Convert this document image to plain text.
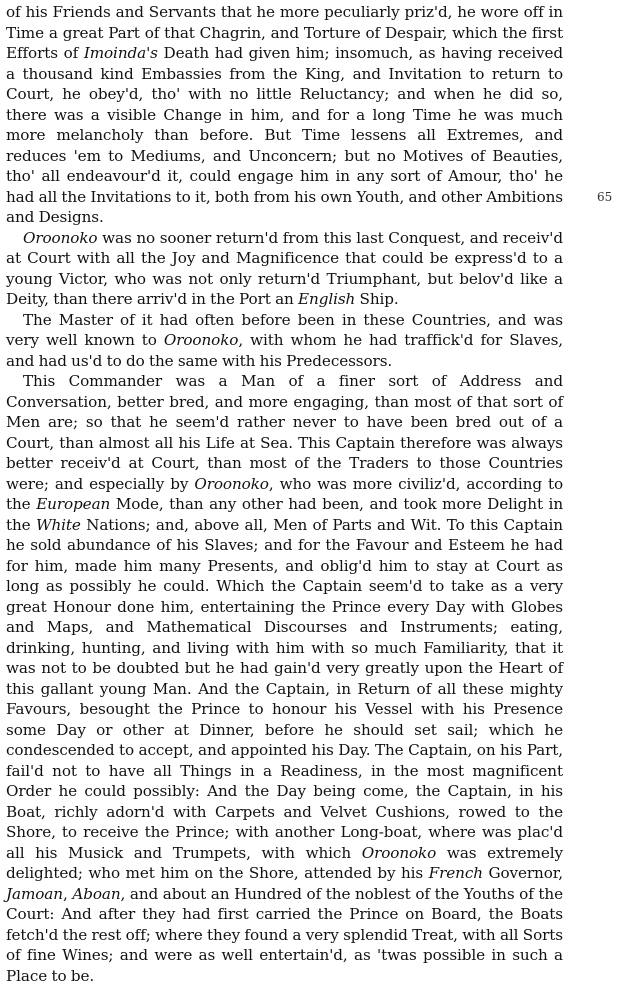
of his Friends and Servants that he more peculiarly priz'd, he wore off in Time a great Part of that Chagrin, and Torture of Despair, which the first Efforts of Imoinda's Death had given him; insomuch, as having received a thousand kind Embassies from the King, and Invitation to return to Court, he obey'd, tho' with no little Reluctancy; and when he did so, there was a visible Change in him, and for a long Time he was much more melancholy than before. But Time lessens all Extremes, and reduces 'em to Mediums, and Unconcern; but no Motives of Beauties, tho' all endeavour'd it, could engage him in any sort of Amour, tho' he had all the Invitations to it, both from his own Youth, and other Ambitions and Designs.

Oroonoko was no sooner return'd from this last Conquest, and receiv'd at Court with all the Joy and Magnificence that could be express'd to a young Victor, who was not only return'd Triumphant, but belov'd like a Deity, than there arriv'd in the Port an English Ship.

The Master of it had often before been in these Countries, and was very well known to Oroonoko, with whom he had traffick'd for Slaves, and had us'd to do the same with his Predecessors.

This Commander was a Man of a finer sort of Address and Conversation, better bred, and more engaging, than most of that sort of Men are; so that he seem'd rather never to have been bred out of a Court, than almost all his Life at Sea. This Captain therefore was always better receiv'd at Court, than most of the Traders to those Countries were; and especially by Oroonoko, who was more civiliz'd, according to the European Mode, than any other had been, and took more Delight in the White Nations; and, above all, Men of Parts and Wit. To this Captain he sold abundance of his Slaves; and for the Favour and Esteem he had for him, made him many Presents, and oblig'd him to stay at Court as long as possibly he could. Which the Captain seem'd to take as a very great Honour done him, entertaining the Prince every Day with Globes and Maps, and Mathematical Discourses and Instruments; eating, drinking, hunting, and living with him with so much Familiarity, that it was not to be doubted but he had gain'd very greatly upon the Heart of this gallant young Man. And the Captain, in Return of all these mighty Favours, besought the Prince to honour his Vessel with his Presence some Day or other at Dinner, before he should set sail; which he condescended to accept, and appointed his Day. The Captain, on his Part, fail'd not to have all Things in a Readiness, in the most magnificent Order he could possibly: And the Day being come, the Captain, in his Boat, richly adorn'd with Carpets and Velvet Cushions, rowed to the Shore, to receive the Prince; with another Long-boat, where was plac'd all his Musick and Trumpets, with which Oroonoko was extremely delighted; who met him on the Shore, attended by his French Governor, Jamoan, Aboan, and about an Hundred of the noblest of the Youths of the Court: And after they had first carried the Prince on Board, the Boats fetch'd the rest off; where they found a very splendid Treat, with all Sorts of fine Wines; and were as well entertain'd, as 'twas possible in such a Place to be.

65
